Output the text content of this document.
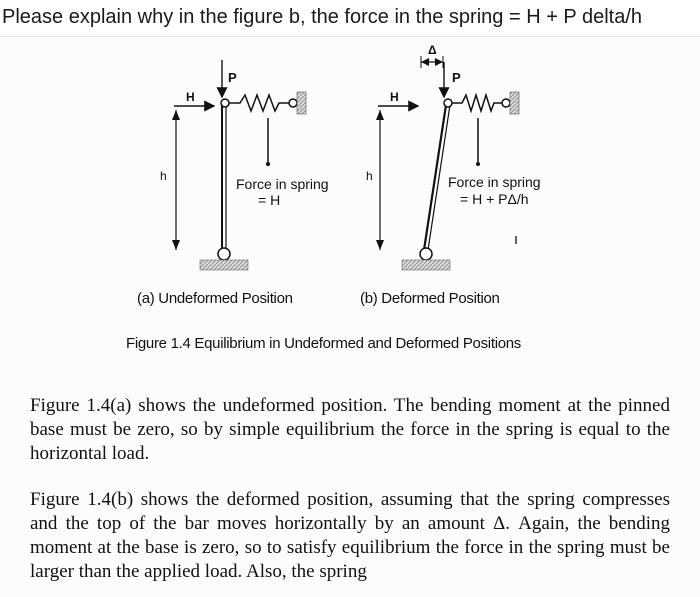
Please explain why in the figure b, the force in the spring = H + P delta/h
h
H
P
Force in spring
= H
Δ
h
H
P
Force in spring
= H + PΔ/h
(a) Undeformed Position	(b) Deformed Position
Figure 1.4 Equilibrium in Undeformed and Deformed Positions

Figure 1.4(a) shows the undeformed position. The bending moment at the pinned base must be zero, so by simple equilibrium the force in the spring is equal to the horizontal load.

Figure 1.4(b) shows the deformed position, assuming that the spring compresses and the top of the bar moves horizontally by an amount Δ. Again, the bending moment at the base is zero, so to satisfy equilibrium the force in the spring must be larger than the applied load. Also, the spring
